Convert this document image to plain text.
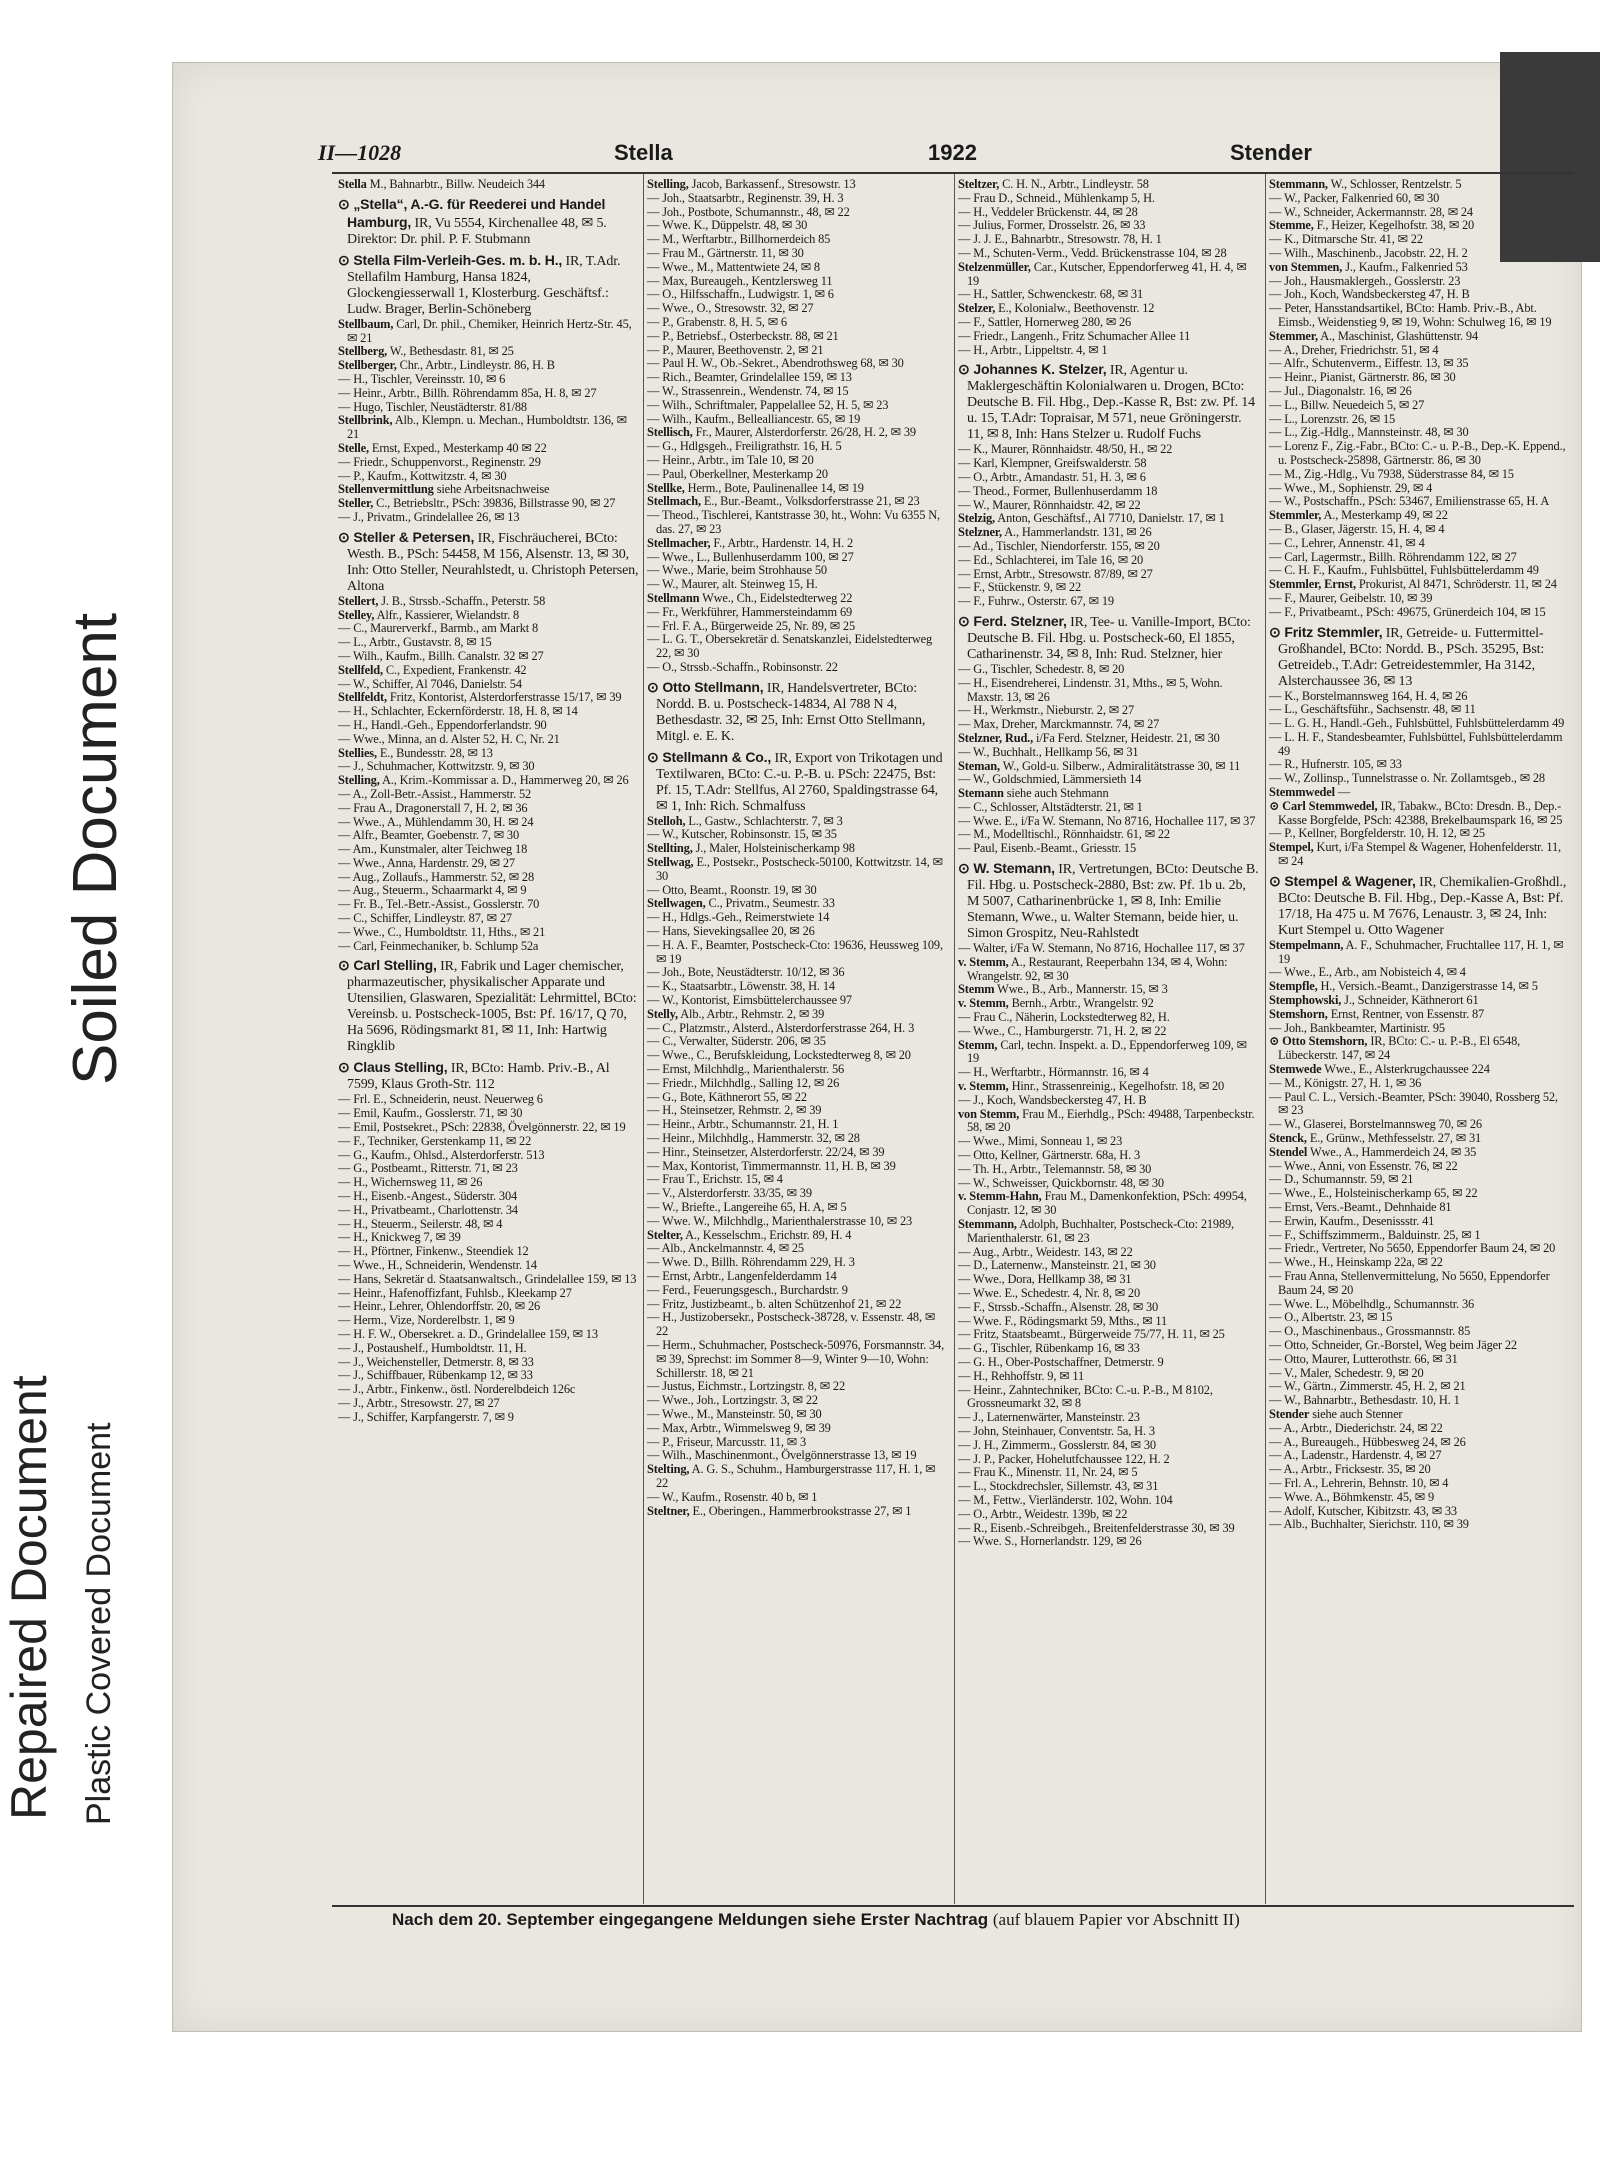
Soiled Document
Repaired Document Plastic Covered Document
II—1028	Stella	1922	Stender

Stella M., Bahnarbtr., Billw. Neudeich 344

⊙ „Stella“, A.-G. für Reederei und Handel Hamburg, IR, Vu 5554, Kirchenallee 48, ✉ 5. Direktor: Dr. phil. P. F. Stubmann

⊙ Stella Film-Verleih-Ges. m. b. H., IR, T.Adr. Stellafilm Hamburg, Hansa 1824, Glockengiesserwall 1, Klosterburg. Geschäftsf.: Ludw. Brager, Berlin-Schöneberg

Stellbaum, Carl, Dr. phil., Chemiker, Heinrich Hertz-Str. 45, ✉ 21

Stellberg, W., Bethesdastr. 81, ✉ 25

Stellberger, Chr., Arbtr., Lindleystr. 86, H. B

— H., Tischler, Vereinsstr. 10, ✉ 6

— Heinr., Arbtr., Billh. Röhrendamm 85a, H. 8, ✉ 27

— Hugo, Tischler, Neustädterstr. 81/88

Stellbrink, Alb., Klempn. u. Mechan., Humboldtstr. 136, ✉ 21

Stelle, Ernst, Exped., Mesterkamp 40 ✉ 22

— Friedr., Schuppenvorst., Reginenstr. 29

— P., Kaufm., Kottwitzstr. 4, ✉ 30

Stellenvermittlung siehe Arbeitsnachweise

Steller, C., Betriebsltr., PSch: 39836, Billstrasse 90, ✉ 27

— J., Privatm., Grindelallee 26, ✉ 13

⊙ Steller & Petersen, IR, Fischräucherei, BCto: Westh. B., PSch: 54458, M 156, Alsenstr. 13, ✉ 30, Inh: Otto Steller, Neurahlstedt, u. Christoph Petersen, Altona

Stellert, J. B., Strssb.-Schaffn., Peterstr. 58

Stelley, Alfr., Kassierer, Wielandstr. 8

— C., Maurerverkf., Barmb., am Markt 8

— L., Arbtr., Gustavstr. 8, ✉ 15

— Wilh., Kaufm., Billh. Canalstr. 32 ✉ 27

Stellfeld, C., Expedient, Frankenstr. 42

— W., Schiffer, Al 7046, Danielstr. 54

Stellfeldt, Fritz, Kontorist, Alsterdorferstrasse 15/17, ✉ 39

— H., Schlachter, Eckernförderstr. 18, H. 8, ✉ 14

— H., Handl.-Geh., Eppendorferlandstr. 90

— Wwe., Minna, an d. Alster 52, H. C, Nr. 21

Stellies, E., Bundesstr. 28, ✉ 13

— J., Schuhmacher, Kottwitzstr. 9, ✉ 30

Stelling, A., Krim.-Kommissar a. D., Hammerweg 20, ✉ 26

— A., Zoll-Betr.-Assist., Hammerstr. 52

— Frau A., Dragonerstall 7, H. 2, ✉ 36

— Wwe., A., Mühlendamm 30, H. ✉ 24

— Alfr., Beamter, Goebenstr. 7, ✉ 30

— Am., Kunstmaler, alter Teichweg 18

— Wwe., Anna, Hardenstr. 29, ✉ 27

— Aug., Zollaufs., Hammerstr. 52, ✉ 28

— Aug., Steuerm., Schaarmarkt 4, ✉ 9

— Fr. B., Tel.-Betr.-Assist., Gosslerstr. 70

— C., Schiffer, Lindleystr. 87, ✉ 27

— Wwe., C., Humboldtstr. 11, Hths., ✉ 21

— Carl, Feinmechaniker, b. Schlump 52a

⊙ Carl Stelling, IR, Fabrik und Lager chemischer, pharmazeutischer, physikalischer Apparate und Utensilien, Glaswaren, Spezialität: Lehrmittel, BCto: Vereinsb. u. Postscheck-1005, Bst: Pf. 16/17, Q 70, Ha 5696, Rödingsmarkt 81, ✉ 11, Inh: Hartwig Ringklib

⊙ Claus Stelling, IR, BCto: Hamb. Priv.-B., Al 7599, Klaus Groth-Str. 112

— Frl. E., Schneiderin, neust. Neuerweg 6

— Emil, Kaufm., Gosslerstr. 71, ✉ 30

— Emil, Postsekret., PSch: 22838, Övelgönnerstr. 22, ✉ 19

— F., Techniker, Gerstenkamp 11, ✉ 22

— G., Kaufm., Ohlsd., Alsterdorferstr. 513

— G., Postbeamt., Ritterstr. 71, ✉ 23

— H., Wichernsweg 11, ✉ 26

— H., Eisenb.-Angest., Süderstr. 304

— H., Privatbeamt., Charlottenstr. 34

— H., Steuerm., Seilerstr. 48, ✉ 4

— H., Knickweg 7, ✉ 39

— H., Pförtner, Finkenw., Steendiek 12

— Wwe., H., Schneiderin, Wendenstr. 14

— Hans, Sekretär d. Staatsanwaltsch., Grindelallee 159, ✉ 13

— Heinr., Hafenoffizfant, Fuhlsb., Kleekamp 27

— Heinr., Lehrer, Ohlendorffstr. 20, ✉ 26

— Herm., Vize, Norderelbstr. 1, ✉ 9

— H. F. W., Obersekret. a. D., Grindelallee 159, ✉ 13

— J., Postaushelf., Humboldtstr. 11, H.

— J., Weichensteller, Detmerstr. 8, ✉ 33

— J., Schiffbauer, Rübenkamp 12, ✉ 33

— J., Arbtr., Finkenw., östl. Norderelbdeich 126c

— J., Arbtr., Stresowstr. 27, ✉ 27

— J., Schiffer, Karpfangerstr. 7, ✉ 9

Stelling, Jacob, Barkassenf., Stresowstr. 13

— Joh., Staatsarbtr., Reginenstr. 39, H. 3

— Joh., Postbote, Schumannstr., 48, ✉ 22

— Wwe. K., Düppelstr. 48, ✉ 30

— M., Werftarbtr., Billhornerdeich 85

— Frau M., Gärtnerstr. 11, ✉ 30

— Wwe., M., Mattentwiete 24, ✉ 8

— Max, Bureaugeh., Kentzlersweg 11

— O., Hilfsschaffn., Ludwigstr. 1, ✉ 6

— Wwe., O., Stresowstr. 32, ✉ 27

— P., Grabenstr. 8, H. 5, ✉ 6

— P., Betriebsf., Osterbeckstr. 88, ✉ 21

— P., Maurer, Beethovenstr. 2, ✉ 21

— Paul H. W., Ob.-Sekret., Abendrothsweg 68, ✉ 30

— Rich., Beamter, Grindelallee 159, ✉ 13

— W., Strassenrein., Wendenstr. 74, ✉ 15

— Wilh., Schriftmaler, Pappelallee 52, H. 5, ✉ 23

— Wilh., Kaufm., Bellealliancestr. 65, ✉ 19

Stellisch, Fr., Maurer, Alsterdorferstr. 26/28, H. 2, ✉ 39

— G., Hdlgsgeh., Freiligrathstr. 16, H. 5

— Heinr., Arbtr., im Tale 10, ✉ 20

— Paul, Oberkellner, Mesterkamp 20

Stellke, Herm., Bote, Paulinenallee 14, ✉ 19

Stellmach, E., Bur.-Beamt., Volksdorferstrasse 21, ✉ 23

— Theod., Tischlerei, Kantstrasse 30, ht., Wohn: Vu 6355 N, das. 27, ✉ 23

Stellmacher, F., Arbtr., Hardenstr. 14, H. 2

— Wwe., L., Bullenhuserdamm 100, ✉ 27

— Wwe., Marie, beim Strohhause 50

— W., Maurer, alt. Steinweg 15, H.

Stellmann Wwe., Ch., Eidelstedterweg 22

— Fr., Werkführer, Hammersteindamm 69

— Frl. F. A., Bürgerweide 25, Nr. 89, ✉ 25

— L. G. T., Obersekretär d. Senatskanzlei, Eidelstedterweg 22, ✉ 30

— O., Strssb.-Schaffn., Robinsonstr. 22

⊙ Otto Stellmann, IR, Handelsvertreter, BCto: Nordd. B. u. Postscheck-14834, Al 788 N 4, Bethesdastr. 32, ✉ 25, Inh: Ernst Otto Stellmann, Mitgl. e. E. K.

⊙ Stellmann & Co., IR, Export von Trikotagen und Textilwaren, BCto: C.-u. P.-B. u. PSch: 22475, Bst: Pf. 15, T.Adr: Stellfus, Al 2760, Spaldingstrasse 64, ✉ 1, Inh: Rich. Schmalfuss

Stelloh, L., Gastw., Schlachterstr. 7, ✉ 3

— W., Kutscher, Robinsonstr. 15, ✉ 35

Stellting, J., Maler, Holsteinischerkamp 98

Stellwag, E., Postsekr., Postscheck-50100, Kottwitzstr. 14, ✉ 30

— Otto, Beamt., Roonstr. 19, ✉ 30

Stellwagen, C., Privatm., Seumestr. 33

— H., Hdlgs.-Geh., Reimerstwiete 14

— Hans, Sievekingsallee 20, ✉ 26

— H. A. F., Beamter, Postscheck-Cto: 19636, Heussweg 109, ✉ 19

— Joh., Bote, Neustädterstr. 10/12, ✉ 36

— K., Staatsarbtr., Löwenstr. 38, H. 14

— W., Kontorist, Eimsbüttelerchaussee 97

Stelly, Alb., Arbtr., Rehmstr. 2, ✉ 39

— C., Platzmstr., Alsterd., Alsterdorferstrasse 264, H. 3

— C., Verwalter, Süderstr. 206, ✉ 35

— Wwe., C., Berufskleidung, Lockstedterweg 8, ✉ 20

— Ernst, Milchhdlg., Marienthalerstr. 56

— Friedr., Milchhdlg., Salling 12, ✉ 26

— G., Bote, Käthnerort 55, ✉ 22

— H., Steinsetzer, Rehmstr. 2, ✉ 39

— Heinr., Arbtr., Schumannstr. 21, H. 1

— Heinr., Milchhdlg., Hammerstr. 32, ✉ 28

— Hinr., Steinsetzer, Alsterdorferstr. 22/24, ✉ 39

— Max, Kontorist, Timmermannstr. 11, H. B, ✉ 39

— Frau T., Erichstr. 15, ✉ 4

— V., Alsterdorferstr. 33/35, ✉ 39

— W., Briefte., Langereihe 65, H. A, ✉ 5

— Wwe. W., Milchhdlg., Marienthalerstrasse 10, ✉ 23

Stelter, A., Kesselschm., Erichstr. 89, H. 4

— Alb., Anckelmannstr. 4, ✉ 25

— Wwe. D., Billh. Röhrendamm 229, H. 3

— Ernst, Arbtr., Langenfelderdamm 14

— Ferd., Feuerungsgesch., Burchardstr. 9

— Fritz, Justizbeamt., b. alten Schützenhof 21, ✉ 22

— H., Justizobersekr., Postscheck-38728, v. Essenstr. 48, ✉ 22

— Herm., Schuhmacher, Postscheck-50976, Forsmannstr. 34, ✉ 39, Sprechst: im Sommer 8—9, Winter 9—10, Wohn: Schillerstr. 18, ✉ 21

— Justus, Eichmstr., Lortzingstr. 8, ✉ 22

— Wwe., Joh., Lortzingstr. 3, ✉ 22

— Wwe., M., Mansteinstr. 50, ✉ 30

— Max, Arbtr., Wimmelsweg 9, ✉ 39

— P., Friseur, Marcusstr. 11, ✉ 3

— Wilh., Maschinenmont., Övelgönnerstrasse 13, ✉ 19

Stelting, A. G. S., Schuhm., Hamburgerstrasse 117, H. 1, ✉ 22

— W., Kaufm., Rosenstr. 40 b, ✉ 1

Steltner, E., Oberingen., Hammerbrookstrasse 27, ✉ 1

Steltzer, C. H. N., Arbtr., Lindleystr. 58

— Frau D., Schneid., Mühlenkamp 5, H.

— H., Veddeler Brückenstr. 44, ✉ 28

— Julius, Former, Drosselstr. 26, ✉ 33

— J. J. E., Bahnarbtr., Stresowstr. 78, H. 1

— M., Schuten-Verm., Vedd. Brückenstrasse 104, ✉ 28

Stelzenmüller, Car., Kutscher, Eppendorferweg 41, H. 4, ✉ 19

— H., Sattler, Schwenckestr. 68, ✉ 31

Stelzer, E., Kolonialw., Beethovenstr. 12

— F., Sattler, Hornerweg 280, ✉ 26

— Friedr., Langenh., Fritz Schumacher Allee 11

— H., Arbtr., Lippeltstr. 4, ✉ 1

⊙ Johannes K. Stelzer, IR, Agentur u. Maklergeschäftin Kolonialwaren u. Drogen, BCto: Deutsche B. Fil. Hbg., Dep.-Kasse R, Bst: zw. Pf. 14 u. 15, T.Adr: Topraisar, M 571, neue Gröningerstr. 11, ✉ 8, Inh: Hans Stelzer u. Rudolf Fuchs

— K., Maurer, Rönnhaidstr. 48/50, H., ✉ 22

— Karl, Klempner, Greifswalderstr. 58

— O., Arbtr., Amandastr. 51, H. 3, ✉ 6

— Theod., Former, Bullenhuserdamm 18

— W., Maurer, Rönnhaidstr. 42, ✉ 22

Stelzig, Anton, Geschäftsf., Al 7710, Danielstr. 17, ✉ 1

Stelzner, A., Hammerlandstr. 131, ✉ 26

— Ad., Tischler, Niendorferstr. 155, ✉ 20

— Ed., Schlachterei, im Tale 16, ✉ 20

— Ernst, Arbtr., Stresowstr. 87/89, ✉ 27

— F., Stückenstr. 9, ✉ 22

— F., Fuhrw., Osterstr. 67, ✉ 19

⊙ Ferd. Stelzner, IR, Tee- u. Vanille-Import, BCto: Deutsche B. Fil. Hbg. u. Postscheck-60, El 1855, Catharinenstr. 34, ✉ 8, Inh: Rud. Stelzner, hier

— G., Tischler, Schedestr. 8, ✉ 20

— H., Eisendreherei, Lindenstr. 31, Mths., ✉ 5, Wohn. Maxstr. 13, ✉ 26

— H., Werkmstr., Nieburstr. 2, ✉ 27

— Max, Dreher, Marckmannstr. 74, ✉ 27

Stelzner, Rud., i/Fa Ferd. Stelzner, Heidestr. 21, ✉ 30

— W., Buchhalt., Hellkamp 56, ✉ 31

Steman, W., Gold-u. Silberw., Admiralitätstrasse 30, ✉ 11

— W., Goldschmied, Lämmersieth 14

Stemann siehe auch Stehmann

— C., Schlosser, Altstädterstr. 21, ✉ 1

— Wwe. E., i/Fa W. Stemann, No 8716, Hochallee 117, ✉ 37

— M., Modelltischl., Rönnhaidstr. 61, ✉ 22

— Paul, Eisenb.-Beamt., Griesstr. 15

⊙ W. Stemann, IR, Vertretungen, BCto: Deutsche B. Fil. Hbg. u. Postscheck-2880, Bst: zw. Pf. 1b u. 2b, M 5007, Catharinenbrücke 1, ✉ 8, Inh: Emilie Stemann, Wwe., u. Walter Stemann, beide hier, u. Simon Grospitz, Neu-Rahlstedt

— Walter, i/Fa W. Stemann, No 8716, Hochallee 117, ✉ 37

v. Stemm, A., Restaurant, Reeperbahn 134, ✉ 4, Wohn: Wrangelstr. 92, ✉ 30

Stemm Wwe., B., Arb., Mannerstr. 15, ✉ 3

v. Stemm, Bernh., Arbtr., Wrangelstr. 92

— Frau C., Näherin, Lockstedterweg 82, H.

— Wwe., C., Hamburgerstr. 71, H. 2, ✉ 22

Stemm, Carl, techn. Inspekt. a. D., Eppendorferweg 109, ✉ 19

— H., Werftarbtr., Hörmannstr. 16, ✉ 4

v. Stemm, Hinr., Strassenreinig., Kegelhofstr. 18, ✉ 20

— J., Koch, Wandsbeckersteg 47, H. B

von Stemm, Frau M., Eierhdlg., PSch: 49488, Tarpenbeckstr. 58, ✉ 20

— Wwe., Mimi, Sonneau 1, ✉ 23

— Otto, Kellner, Gärtnerstr. 68a, H. 3

— Th. H., Arbtr., Telemannstr. 58, ✉ 30

— W., Schweisser, Quickbornstr. 48, ✉ 30

v. Stemm-Hahn, Frau M., Damenkonfektion, PSch: 49954, Conjastr. 12, ✉ 30

Stemmann, Adolph, Buchhalter, Postscheck-Cto: 21989, Marienthalerstr. 61, ✉ 23

— Aug., Arbtr., Weidestr. 143, ✉ 22

— D., Laternenw., Mansteinstr. 21, ✉ 30

— Wwe., Dora, Hellkamp 38, ✉ 31

— Wwe. E., Schedestr. 4, Nr. 8, ✉ 20

— F., Strssb.-Schaffn., Alsenstr. 28, ✉ 30

— Wwe. F., Rödingsmarkt 59, Mths., ✉ 11

— Fritz, Staatsbeamt., Bürgerweide 75/77, H. 11, ✉ 25

— G., Tischler, Rübenkamp 16, ✉ 33

— G. H., Ober-Postschaffner, Detmerstr. 9

— H., Rehhoffstr. 9, ✉ 11

— Heinr., Zahntechniker, BCto: C.-u. P.-B., M 8102, Grossneumarkt 32, ✉ 8

— J., Laternenwärter, Mansteinstr. 23

— John, Steinhauer, Conventstr. 5a, H. 3

— J. H., Zimmerm., Gosslerstr. 84, ✉ 30

— J. P., Packer, Hohelutfchaussee 122, H. 2

— Frau K., Minenstr. 11, Nr. 24, ✉ 5

— L., Stockdrechsler, Sillemstr. 43, ✉ 31

— M., Fettw., Vierländerstr. 102, Wohn. 104

— O., Arbtr., Weidestr. 139b, ✉ 22

— R., Eisenb.-Schreibgeh., Breitenfelderstrasse 30, ✉ 39

— Wwe. S., Hornerlandstr. 129, ✉ 26

Stemmann, W., Schlosser, Rentzelstr. 5

— W., Packer, Falkenried 60, ✉ 30

— W., Schneider, Ackermannstr. 28, ✉ 24

Stemme, F., Heizer, Kegelhofstr. 38, ✉ 20

— K., Ditmarsche Str. 41, ✉ 22

— Wilh., Maschinenb., Jacobstr. 22, H. 2

von Stemmen, J., Kaufm., Falkenried 53

— Joh., Hausmaklergeh., Gosslerstr. 23

— Joh., Koch, Wandsbeckersteg 47, H. B

— Peter, Hansstandsartikel, BCto: Hamb. Priv.-B., Abt. Eimsb., Weidenstieg 9, ✉ 19, Wohn: Schulweg 16, ✉ 19

Stemmer, A., Maschinist, Glashüttenstr. 94

— A., Dreher, Friedrichstr. 51, ✉ 4

— Alfr., Schutenverm., Eiffestr. 13, ✉ 35

— Heinr., Pianist, Gärtnerstr. 86, ✉ 30

— Jul., Diagonalstr. 16, ✉ 26

— L., Billw. Neuedeich 5, ✉ 27

— L., Lorenzstr. 26, ✉ 15

— L., Zig.-Hdlg., Mannsteinstr. 48, ✉ 30

— Lorenz F., Zig.-Fabr., BCto: C.- u. P.-B., Dep.-K. Eppend., u. Postscheck-25898, Gärtnerstr. 86, ✉ 30

— M., Zig.-Hdlg., Vu 7938, Süderstrasse 84, ✉ 15

— Wwe., M., Sophienstr. 29, ✉ 4

— W., Postschaffn., PSch: 53467, Emilienstrasse 65, H. A

Stemmler, A., Mesterkamp 49, ✉ 22

— B., Glaser, Jägerstr. 15, H. 4, ✉ 4

— C., Lehrer, Annenstr. 41, ✉ 4

— Carl, Lagermstr., Billh. Röhrendamm 122, ✉ 27

— C. H. F., Kaufm., Fuhlsbüttel, Fuhlsbüttelerdamm 49

Stemmler, Ernst, Prokurist, Al 8471, Schröderstr. 11, ✉ 24

— F., Maurer, Geibelstr. 10, ✉ 39

— F., Privatbeamt., PSch: 49675, Grünerdeich 104, ✉ 15

⊙ Fritz Stemmler, IR, Getreide- u. Futtermittel-Großhandel, BCto: Nordd. B., PSch. 35295, Bst: Getreideb., T.Adr: Getreidestemmler, Ha 3142, Alsterchaussee 36, ✉ 13

— K., Borstelmannsweg 164, H. 4, ✉ 26

— L., Geschäftsführ., Sachsenstr. 48, ✉ 11

— L. G. H., Handl.-Geh., Fuhlsbüttel, Fuhlsbüttelerdamm 49

— L. H. F., Standesbeamter, Fuhlsbüttel, Fuhlsbüttelerdamm 49

— R., Hufnerstr. 105, ✉ 33

— W., Zollinsp., Tunnelstrasse o. Nr. Zollamtsgeb., ✉ 28

Stemmwedel —

⊙ Carl Stemmwedel, IR, Tabakw., BCto: Dresdn. B., Dep.-Kasse Borgfelde, PSch: 42388, Brekelbaumspark 16, ✉ 25

— P., Kellner, Borgfelderstr. 10, H. 12, ✉ 25

Stempel, Kurt, i/Fa Stempel & Wagener, Hohenfelderstr. 11, ✉ 24

⊙ Stempel & Wagener, IR, Chemikalien-Großhdl., BCto: Deutsche B. Fil. Hbg., Dep.-Kasse A, Bst: Pf. 17/18, Ha 475 u. M 7676, Lenaustr. 3, ✉ 24, Inh: Kurt Stempel u. Otto Wagener

Stempelmann, A. F., Schuhmacher, Fruchtallee 117, H. 1, ✉ 19

— Wwe., E., Arb., am Nobisteich 4, ✉ 4

Stempfle, H., Versich.-Beamt., Danzigerstrasse 14, ✉ 5

Stemphowski, J., Schneider, Käthnerort 61

Stemshorn, Ernst, Rentner, von Essenstr. 87

— Joh., Bankbeamter, Martinistr. 95

⊙ Otto Stemshorn, IR, BCto: C.- u. P.-B., El 6548, Lübeckerstr. 147, ✉ 24

Stemwede Wwe., E., Alsterkrugchaussee 224

— M., Königstr. 27, H. 1, ✉ 36

— Paul C. L., Versich.-Beamter, PSch: 39040, Rossberg 52, ✉ 23

— W., Glaserei, Borstelmannsweg 70, ✉ 26

Stenck, E., Grünw., Methfesselstr. 27, ✉ 31

Stendel Wwe., A., Hammerdeich 24, ✉ 35

— Wwe., Anni, von Essenstr. 76, ✉ 22

— D., Schumannstr. 59, ✉ 21

— Wwe., E., Holsteinischerkamp 65, ✉ 22

— Ernst, Vers.-Beamt., Dehnhaide 81

— Erwin, Kaufm., Desenissstr. 41

— F., Schiffszimmerm., Balduinstr. 25, ✉ 1

— Friedr., Vertreter, No 5650, Eppendorfer Baum 24, ✉ 20

— Wwe., H., Heinskamp 22a, ✉ 22

— Frau Anna, Stellenvermittelung, No 5650, Eppendorfer Baum 24, ✉ 20

— Wwe. L., Möbelhdlg., Schumannstr. 36

— O., Albertstr. 23, ✉ 15

— O., Maschinenbaus., Grossmannstr. 85

— Otto, Schneider, Gr.-Borstel, Weg beim Jäger 22

— Otto, Maurer, Lutterothstr. 66, ✉ 31

— V., Maler, Schedestr. 9, ✉ 20

— W., Gärtn., Zimmerstr. 45, H. 2, ✉ 21

— W., Bahnarbtr., Bethesdastr. 10, H. 1

Stender siehe auch Stenner

— A., Arbtr., Diederichstr. 24, ✉ 22

— A., Bureaugeh., Hübbesweg 24, ✉ 26

— A., Ladenstr., Hardenstr. 4, ✉ 27

— A., Arbtr., Fricksestr. 35, ✉ 20

— Frl. A., Lehrerin, Behnstr. 10, ✉ 4

— Wwe. A., Böhmkenstr. 45, ✉ 9

— Adolf, Kutscher, Kibitzstr. 43, ✉ 33

— Alb., Buchhalter, Sierichstr. 110, ✉ 39

Nach dem 20. September eingegangene Meldungen siehe Erster Nachtrag (auf blauem Papier vor Abschnitt II)
